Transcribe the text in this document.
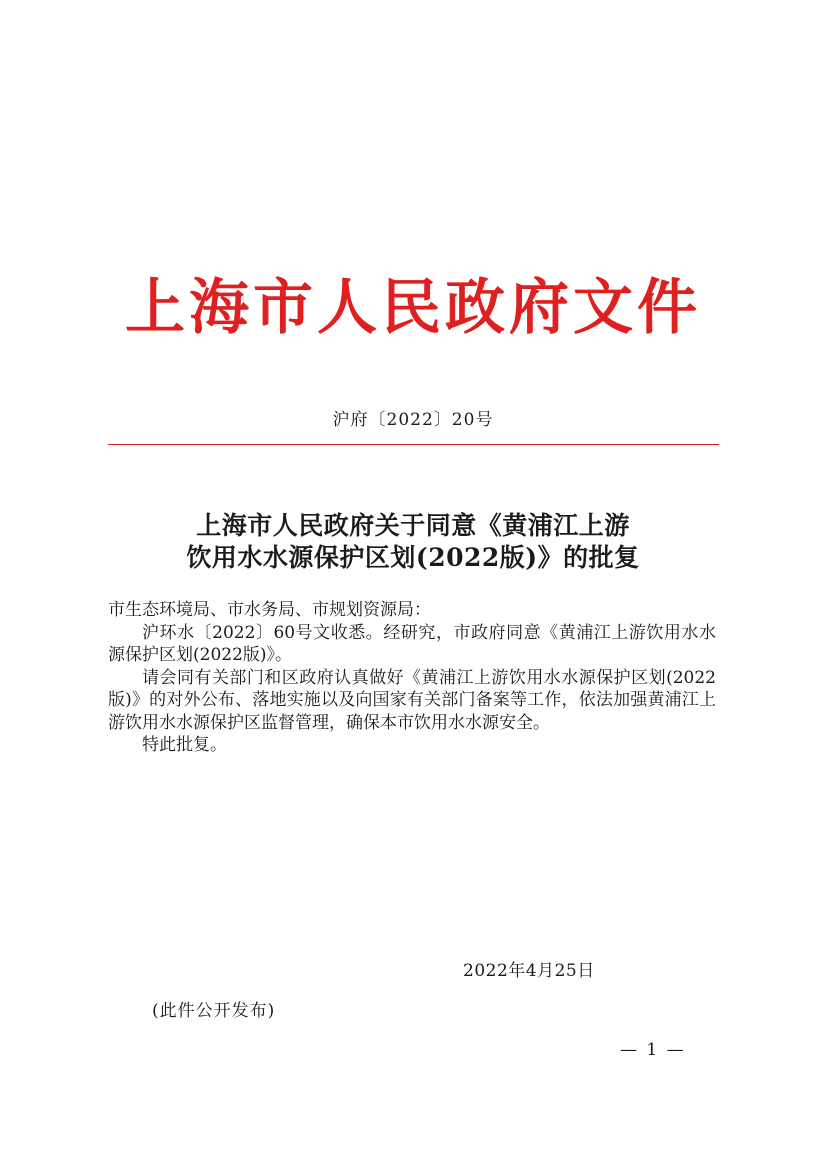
上海市人民政府文件
沪府〔2022〕20号
上海市人民政府关于同意《黄浦江上游
饮用水水源保护区划(2022版)》的批复

市生态环境局、市水务局、市规划资源局：

沪环水〔2022〕60号文收悉。经研究，市政府同意《黄浦江上游饮用水水源保护区划(2022版)》。

请会同有关部门和区政府认真做好《黄浦江上游饮用水水源保护区划(2022版)》的对外公布、落地实施以及向国家有关部门备案等工作，依法加强黄浦江上游饮用水水源保护区监督管理，确保本市饮用水水源安全。

特此批复。

2022年4月25日
(此件公开发布)
— 1 —
